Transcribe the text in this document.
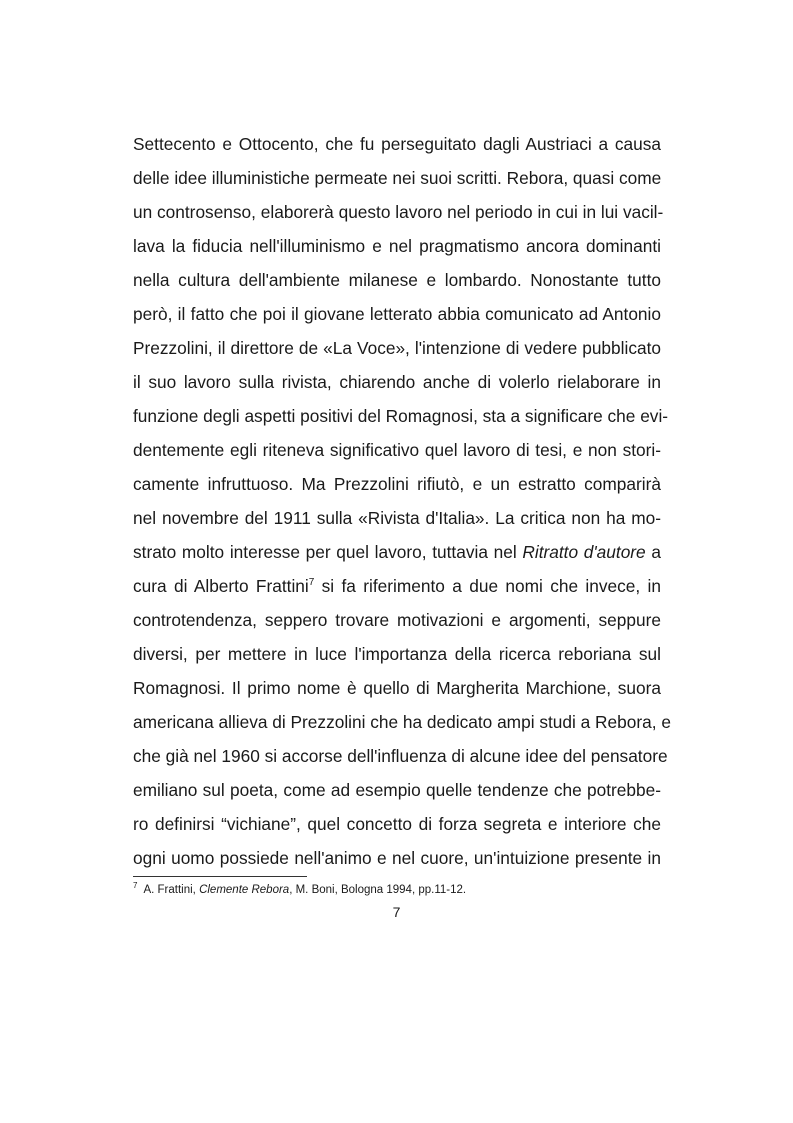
Settecento e Ottocento, che fu perseguitato dagli Austriaci a causa
delle idee illuministiche permeate nei suoi scritti. Rebora, quasi come
un controsenso, elaborerà questo lavoro nel periodo in cui in lui vacil-
lava la fiducia nell'illuminismo e nel pragmatismo ancora dominanti
nella cultura dell'ambiente milanese e lombardo. Nonostante tutto
però, il fatto che poi il giovane letterato abbia comunicato ad Antonio
Prezzolini, il direttore de «La Voce», l'intenzione di vedere pubblicato
il suo lavoro sulla rivista, chiarendo anche di volerlo rielaborare in
funzione degli aspetti positivi del Romagnosi, sta a significare che evi-
dentemente egli riteneva significativo quel lavoro di tesi, e non stori-
camente infruttuoso. Ma Prezzolini rifiutò, e un estratto comparirà
nel novembre del 1911 sulla «Rivista d'Italia». La critica non ha mo-
strato molto interesse per quel lavoro, tuttavia nel Ritratto d'autore a
cura di Alberto Frattini$^7$ si fa riferimento a due nomi che invece, in
controtendenza, seppero trovare motivazioni e argomenti, seppure
diversi, per mettere in luce l'importanza della ricerca reboriana sul
Romagnosi. Il primo nome è quello di Margherita Marchione, suora
americana allieva di Prezzolini che ha dedicato ampi studi a Rebora, e
che già nel 1960 si accorse dell'influenza di alcune idee del pensatore
emiliano sul poeta, come ad esempio quelle tendenze che potrebbe-
ro definirsi “vichiane”, quel concetto di forza segreta e interiore che
ogni uomo possiede nell'animo e nel cuore, un'intuizione presente in
$^7$ A. Frattini, Clemente Rebora, M. Boni, Bologna 1994, pp.11-12.
7
